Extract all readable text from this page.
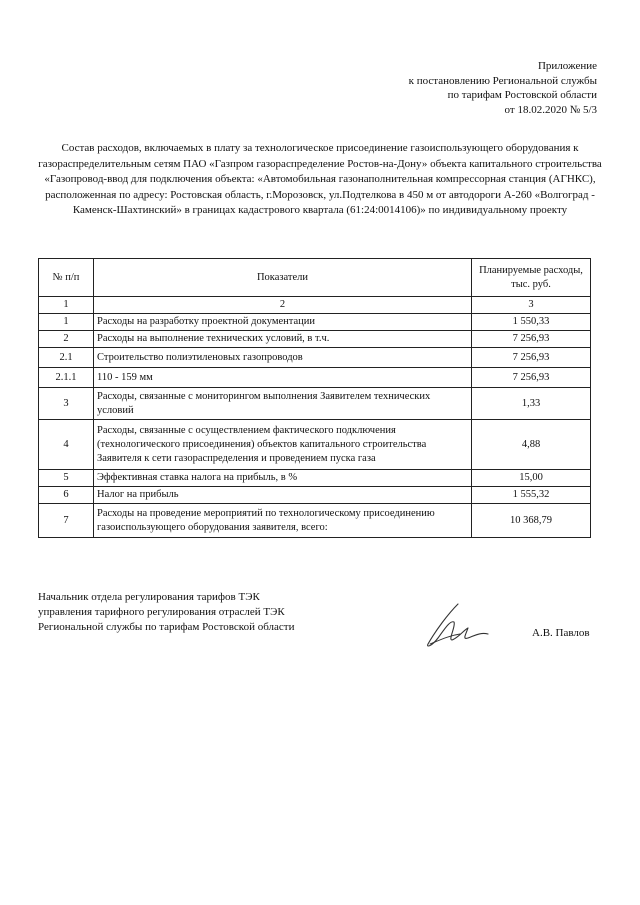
Приложение
к постановлению Региональной службы
по тарифам Ростовской области
от 18.02.2020 № 5/3
Состав расходов, включаемых в плату за технологическое присоединение газоиспользующего оборудования к газораспределительным сетям ПАО «Газпром газораспределение Ростов-на-Дону» объекта капитального строительства «Газопровод-ввод для подключения объекта: «Автомобильная газонаполнительная компрессорная станция (АГНКС), расположенная по адресу: Ростовская область, г.Морозовск, ул.Подтелкова в 450 м от автодороги А-260 «Волгоград - Каменск-Шахтинский» в границах кадастрового квартала (61:24:0014106)» по индивидуальному проекту
№ п/п	Показатели	Планируемые расходы, тыс. руб.
1	2	3
1	Расходы на разработку проектной документации	1 550,33
2	Расходы на выполнение технических условий, в т.ч.	7 256,93
2.1	Строительство полиэтиленовых газопроводов	7 256,93
2.1.1	110 - 159 мм	7 256,93
3	Расходы, связанные с мониторингом выполнения Заявителем технических условий	1,33
4	Расходы, связанные с осуществлением фактического подключения (технологического присоединения) объектов капитального строительства Заявителя к сети газораспределения и проведением пуска газа	4,88
5	Эффективная ставка налога на прибыль, в %	15,00
6	Налог на прибыль	1 555,32
7	Расходы на проведение мероприятий по технологическому присоединению газоиспользующего оборудования заявителя, всего:	10 368,79
Начальник отдела регулирования тарифов ТЭК
управления тарифного регулирования отраслей ТЭК
Региональной службы по тарифам Ростовской области	А.В. Павлов
